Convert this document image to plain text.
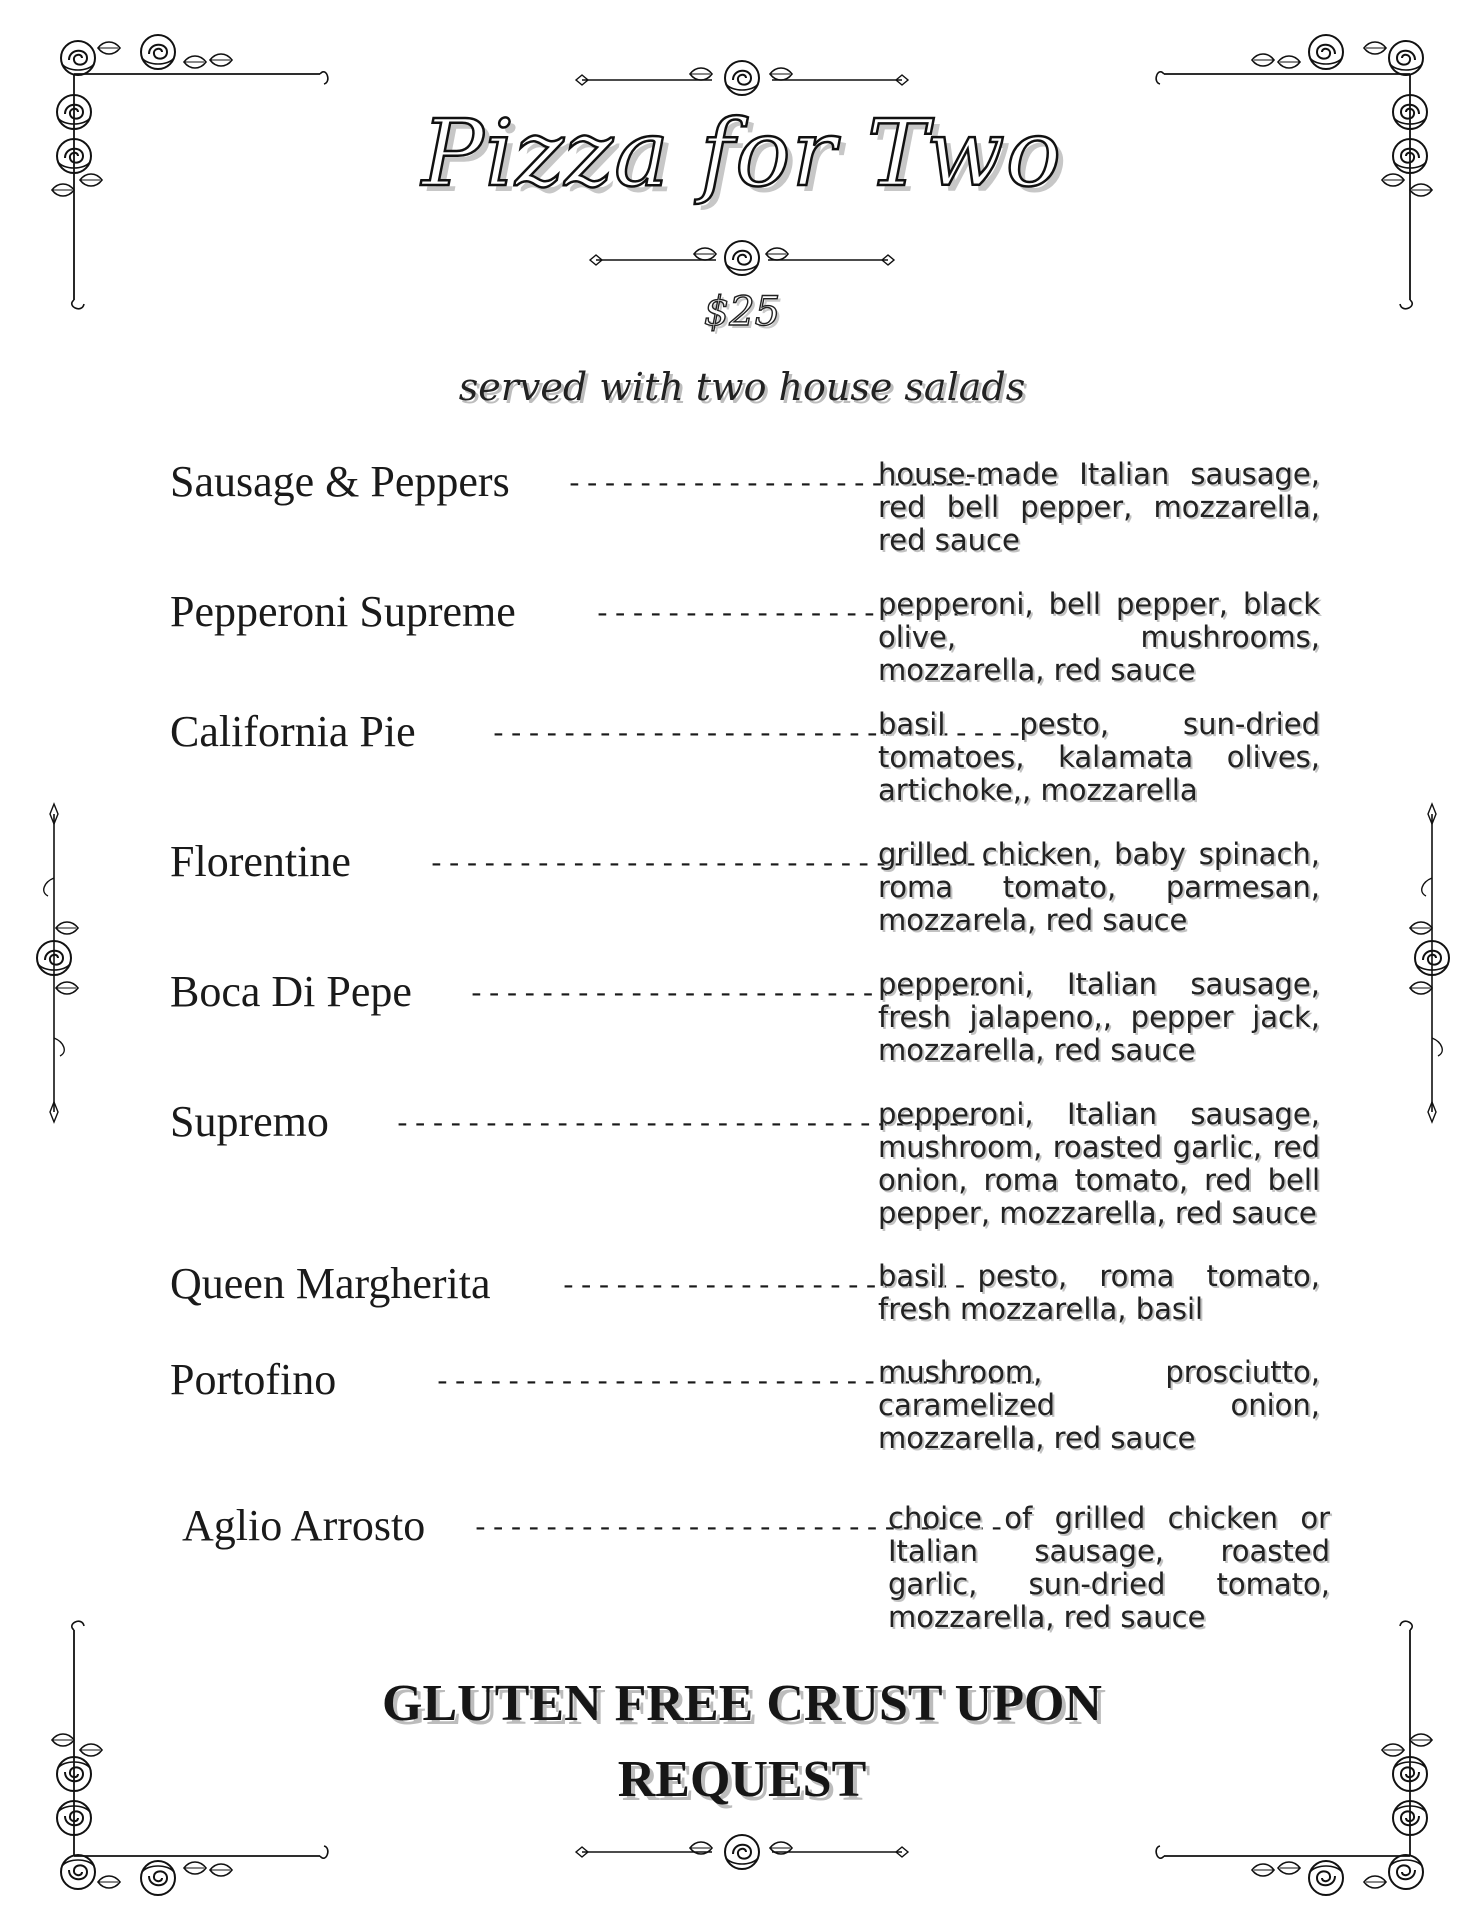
Pizza for Two
$25
served with two house salads
Sausage & Peppers ------------------------
house-made Italian sausage, red bell pepper, mozzarella, red sauce
Pepperoni Supreme	---------------------
pepperoni, bell pepper, black olive, mushrooms, mozzarella, red sauce
California Pie	------------------------------
basil pesto, sun-dried tomatoes, kalamata olives, artichoke,, mozzarella
Florentine	-----------------------------------
grilled chicken, baby spinach, roma tomato, parmesan, mozzarela, red sauce
Boca Di Pepe -----------------------------
pepperoni, Italian sausage, fresh jalapeno,, pepper jack, mozzarella, red sauce
Supremo -----------------------------------
pepperoni, Italian sausage, mushroom, roasted garlic, red onion, roma tomato, red bell pepper, mozzarella, red sauce
Queen Margherita -----------------------
basil pesto, roma tomato, fresh mozzarella, basil
Portofino	----------------------------------
mushroom, prosciutto, caramelized onion, mozzarella, red sauce
Aglio Arrosto -------------------------------
choice of grilled chicken or Italian sausage, roasted garlic, sun-dried tomato, mozzarella, red sauce
GLUTEN FREE CRUST UPON
REQUEST
